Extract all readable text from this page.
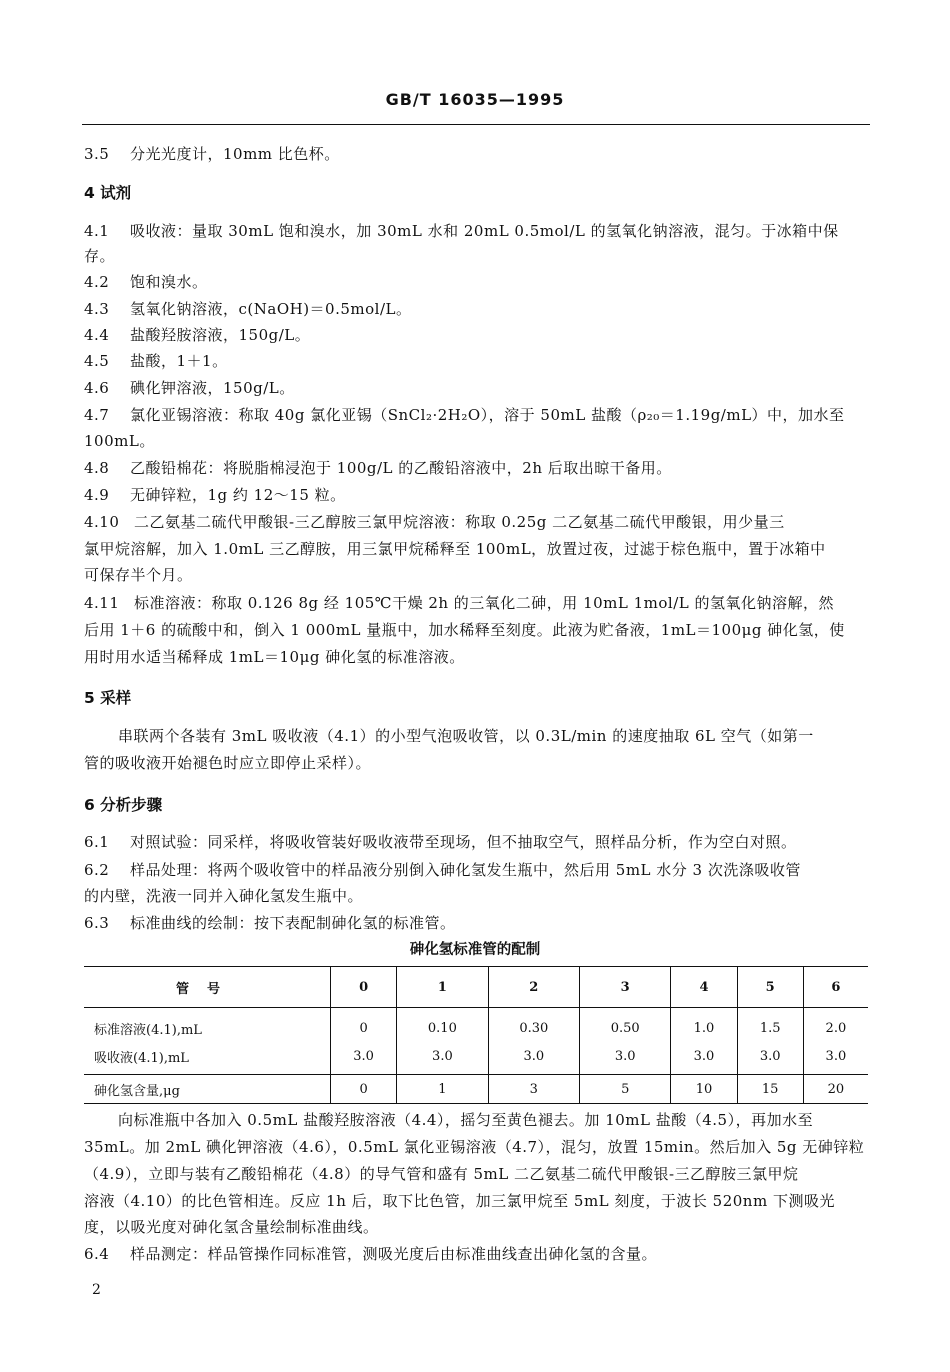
GB/T 16035—1995
3.5 分光光度计，10mm 比色杯。
4 试剂
4.1 吸收液：量取 30mL 饱和溴水，加 30mL 水和 20mL 0.5mol/L 的氢氧化钠溶液，混匀。于冰箱中保
存。
4.2 饱和溴水。
4.3 氢氧化钠溶液，c(NaOH)＝0.5mol/L。
4.4 盐酸羟胺溶液，150g/L。
4.5 盐酸，1＋1。
4.6 碘化钾溶液，150g/L。
4.7 氯化亚锡溶液：称取 40g 氯化亚锡（SnCl₂·2H₂O），溶于 50mL 盐酸（ρ₂₀＝1.19g/mL）中，加水至
100mL。
4.8 乙酸铅棉花：将脱脂棉浸泡于 100g/L 的乙酸铅溶液中，2h 后取出晾干备用。
4.9 无砷锌粒，1g 约 12～15 粒。
4.10 二乙氨基二硫代甲酸银-三乙醇胺三氯甲烷溶液：称取 0.25g 二乙氨基二硫代甲酸银，用少量三
氯甲烷溶解，加入 1.0mL 三乙醇胺，用三氯甲烷稀释至 100mL，放置过夜，过滤于棕色瓶中，置于冰箱中
可保存半个月。
4.11 标准溶液：称取 0.126 8g 经 105℃干燥 2h 的三氧化二砷，用 10mL 1mol/L 的氢氧化钠溶解，然
后用 1＋6 的硫酸中和，倒入 1 000mL 量瓶中，加水稀释至刻度。此液为贮备液，1mL＝100μg 砷化氢，使
用时用水适当稀释成 1mL＝10μg 砷化氢的标准溶液。
5 采样
串联两个各装有 3mL 吸收液（4.1）的小型气泡吸收管，以 0.3L/min 的速度抽取 6L 空气（如第一
管的吸收液开始褪色时应立即停止采样）。
6 分析步骤
6.1 对照试验：同采样，将吸收管装好吸收液带至现场，但不抽取空气，照样品分析，作为空白对照。
6.2 样品处理：将两个吸收管中的样品液分别倒入砷化氢发生瓶中，然后用 5mL 水分 3 次洗涤吸收管
的内壁，洗液一同并入砷化氢发生瓶中。
6.3 标准曲线的绘制：按下表配制砷化氢的标准管。
砷化氢标准管的配制
管号	0	1	2	3	4	5	6
标准溶液(4.1),mL	0	0.10	0.30	0.50	1.0	1.5	2.0
吸收液(4.1),mL	3.0	3.0	3.0	3.0	3.0	3.0	3.0
砷化氢含量,μg	0	1	3	5	10	15	20
向标准瓶中各加入 0.5mL 盐酸羟胺溶液（4.4），摇匀至黄色褪去。加 10mL 盐酸（4.5），再加水至
35mL。加 2mL 碘化钾溶液（4.6），0.5mL 氯化亚锡溶液（4.7），混匀，放置 15min。然后加入 5g 无砷锌粒
（4.9），立即与装有乙酸铅棉花（4.8）的导气管和盛有 5mL 二乙氨基二硫代甲酸银-三乙醇胺三氯甲烷
溶液（4.10）的比色管相连。反应 1h 后，取下比色管，加三氯甲烷至 5mL 刻度，于波长 520nm 下测吸光
度，以吸光度对砷化氢含量绘制标准曲线。
6.4 样品测定：样品管操作同标准管，测吸光度后由标准曲线查出砷化氢的含量。
2
